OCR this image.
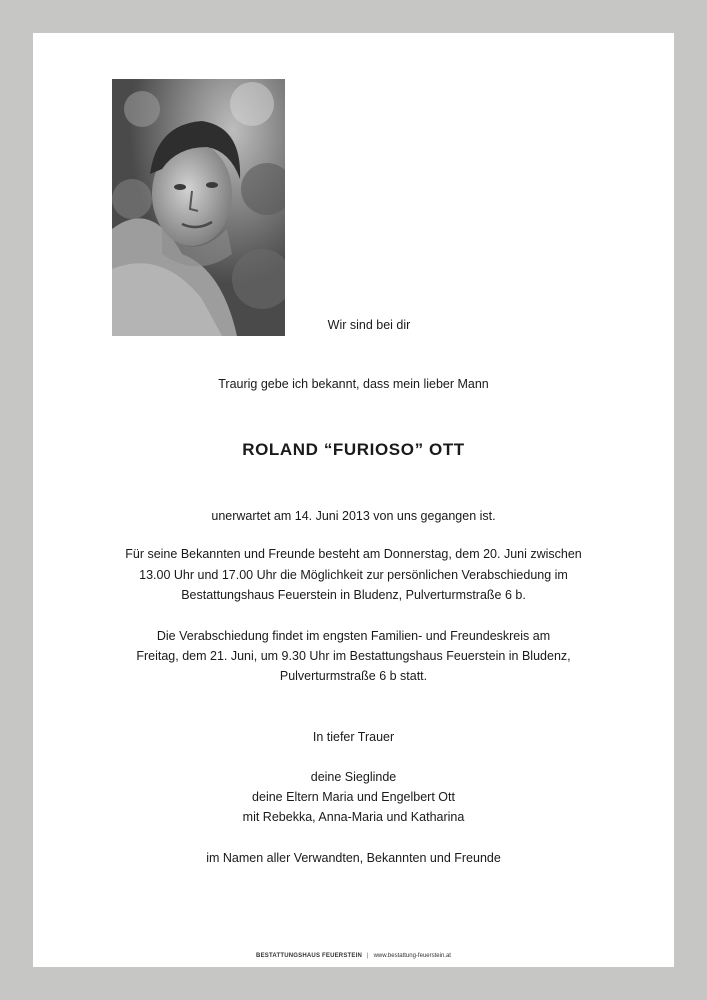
Wir sind bei dir
Traurig gebe ich bekannt, dass mein lieber Mann
ROLAND “FURIOSO” OTT
unerwartet am 14. Juni 2013 von uns gegangen ist.
Für seine Bekannten und Freunde besteht am Donnerstag, dem 20. Juni zwischen
13.00 Uhr und 17.00 Uhr die Möglichkeit zur persönlichen Verabschiedung im
Bestattungshaus Feuerstein in Bludenz, Pulverturmstraße 6 b.
Die Verabschiedung findet im engsten Familien- und Freundeskreis am
Freitag, dem 21. Juni, um 9.30 Uhr im Bestattungshaus Feuerstein in Bludenz,
Pulverturmstraße 6 b statt.
In tiefer Trauer
deine Sieglinde
deine Eltern Maria und Engelbert Ott
mit Rebekka, Anna-Maria und Katharina
im Namen aller Verwandten, Bekannten und Freunde
BESTATTUNGSHAUS FEUERSTEIN | www.bestattung-feuerstein.at
